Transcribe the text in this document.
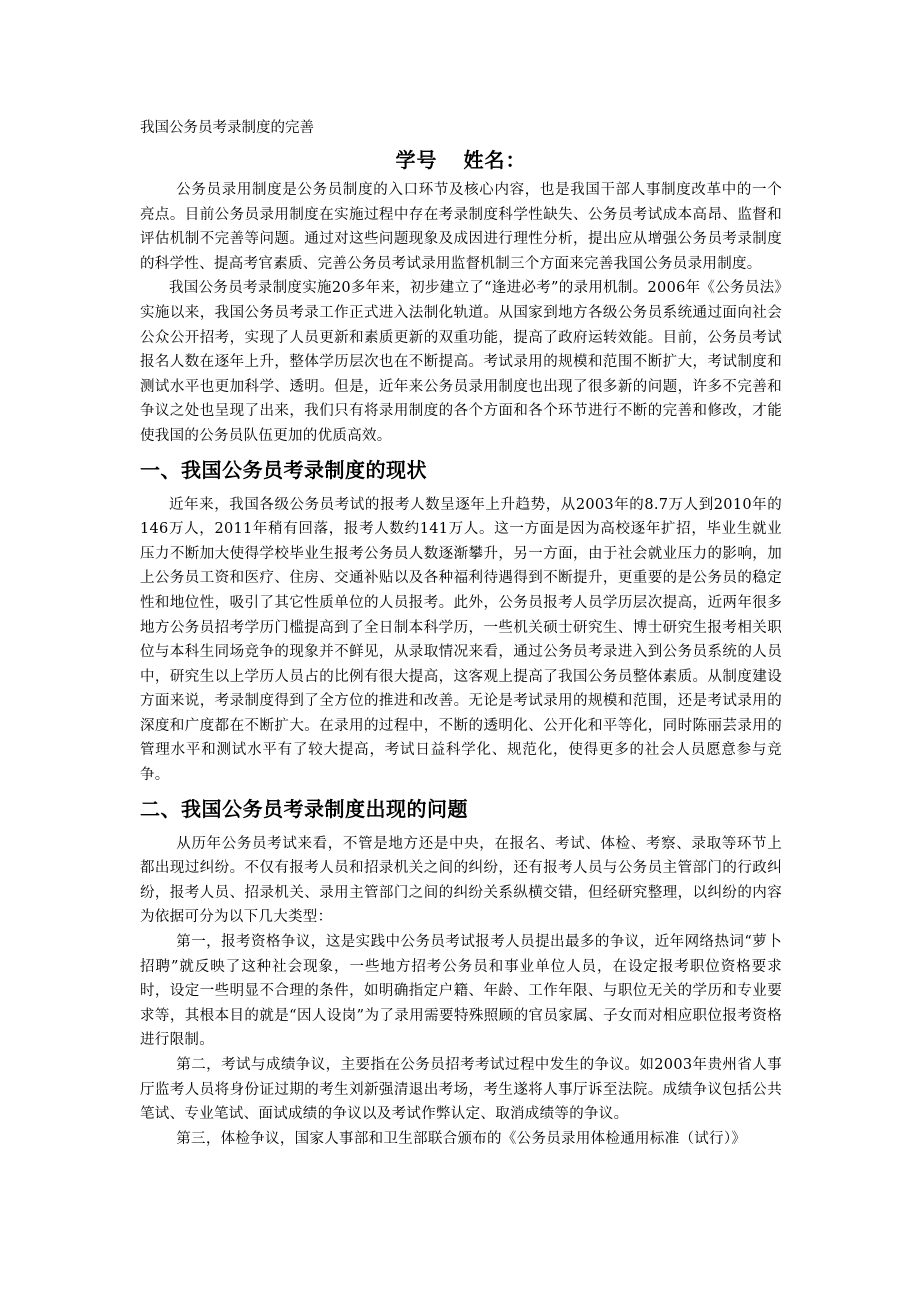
我国公务员考录制度的完善
学号 姓名：

公务员录用制度是公务员制度的入口环节及核心内容，也是我国干部人事制度改革中的一个亮点。目前公务员录用制度在实施过程中存在考录制度科学性缺失、公务员考试成本高昂、监督和评估机制不完善等问题。通过对这些问题现象及成因进行理性分析，提出应从增强公务员考录制度的科学性、提高考官素质、完善公务员考试录用监督机制三个方面来完善我国公务员录用制度。

我国公务员考录制度实施20多年来，初步建立了“逢进必考”的录用机制。2006年《公务员法》实施以来，我国公务员考录工作正式进入法制化轨道。从国家到地方各级公务员系统通过面向社会公众公开招考，实现了人员更新和素质更新的双重功能，提高了政府运转效能。目前，公务员考试报名人数在逐年上升，整体学历层次也在不断提高。考试录用的规模和范围不断扩大，考试制度和测试水平也更加科学、透明。但是，近年来公务员录用制度也出现了很多新的问题，许多不完善和争议之处也呈现了出来，我们只有将录用制度的各个方面和各个环节进行不断的完善和修改，才能使我国的公务员队伍更加的优质高效。

一、我国公务员考录制度的现状

近年来，我国各级公务员考试的报考人数呈逐年上升趋势，从2003年的8.7万人到2010年的146万人，2011年稍有回落，报考人数约141万人。这一方面是因为高校逐年扩招，毕业生就业压力不断加大使得学校毕业生报考公务员人数逐渐攀升，另一方面，由于社会就业压力的影响，加上公务员工资和医疗、住房、交通补贴以及各种福利待遇得到不断提升，更重要的是公务员的稳定性和地位性，吸引了其它性质单位的人员报考。此外，公务员报考人员学历层次提高，近两年很多地方公务员招考学历门槛提高到了全日制本科学历，一些机关硕士研究生、博士研究生报考相关职位与本科生同场竞争的现象并不鲜见，从录取情况来看，通过公务员考录进入到公务员系统的人员中，研究生以上学历人员占的比例有很大提高，这客观上提高了我国公务员整体素质。从制度建设方面来说，考录制度得到了全方位的推进和改善。无论是考试录用的规模和范围，还是考试录用的深度和广度都在不断扩大。在录用的过程中，不断的透明化、公开化和平等化，同时陈丽芸录用的管理水平和测试水平有了较大提高，考试日益科学化、规范化，使得更多的社会人员愿意参与竞争。

二、我国公务员考录制度出现的问题

从历年公务员考试来看，不管是地方还是中央，在报名、考试、体检、考察、录取等环节上都出现过纠纷。不仅有报考人员和招录机关之间的纠纷，还有报考人员与公务员主管部门的行政纠纷，报考人员、招录机关、录用主管部门之间的纠纷关系纵横交错，但经研究整理，以纠纷的内容为依据可分为以下几大类型：

第一，报考资格争议，这是实践中公务员考试报考人员提出最多的争议，近年网络热词“萝卜招聘”就反映了这种社会现象，一些地方招考公务员和事业单位人员，在设定报考职位资格要求时，设定一些明显不合理的条件，如明确指定户籍、年龄、工作年限、与职位无关的学历和专业要求等，其根本目的就是“因人设岗”为了录用需要特殊照顾的官员家属、子女而对相应职位报考资格进行限制。

第二，考试与成绩争议，主要指在公务员招考考试过程中发生的争议。如2003年贵州省人事厅监考人员将身份证过期的考生刘新强清退出考场，考生遂将人事厅诉至法院。成绩争议包括公共笔试、专业笔试、面试成绩的争议以及考试作弊认定、取消成绩等的争议。

第三，体检争议，国家人事部和卫生部联合颁布的《公务员录用体检通用标准（试行）》
